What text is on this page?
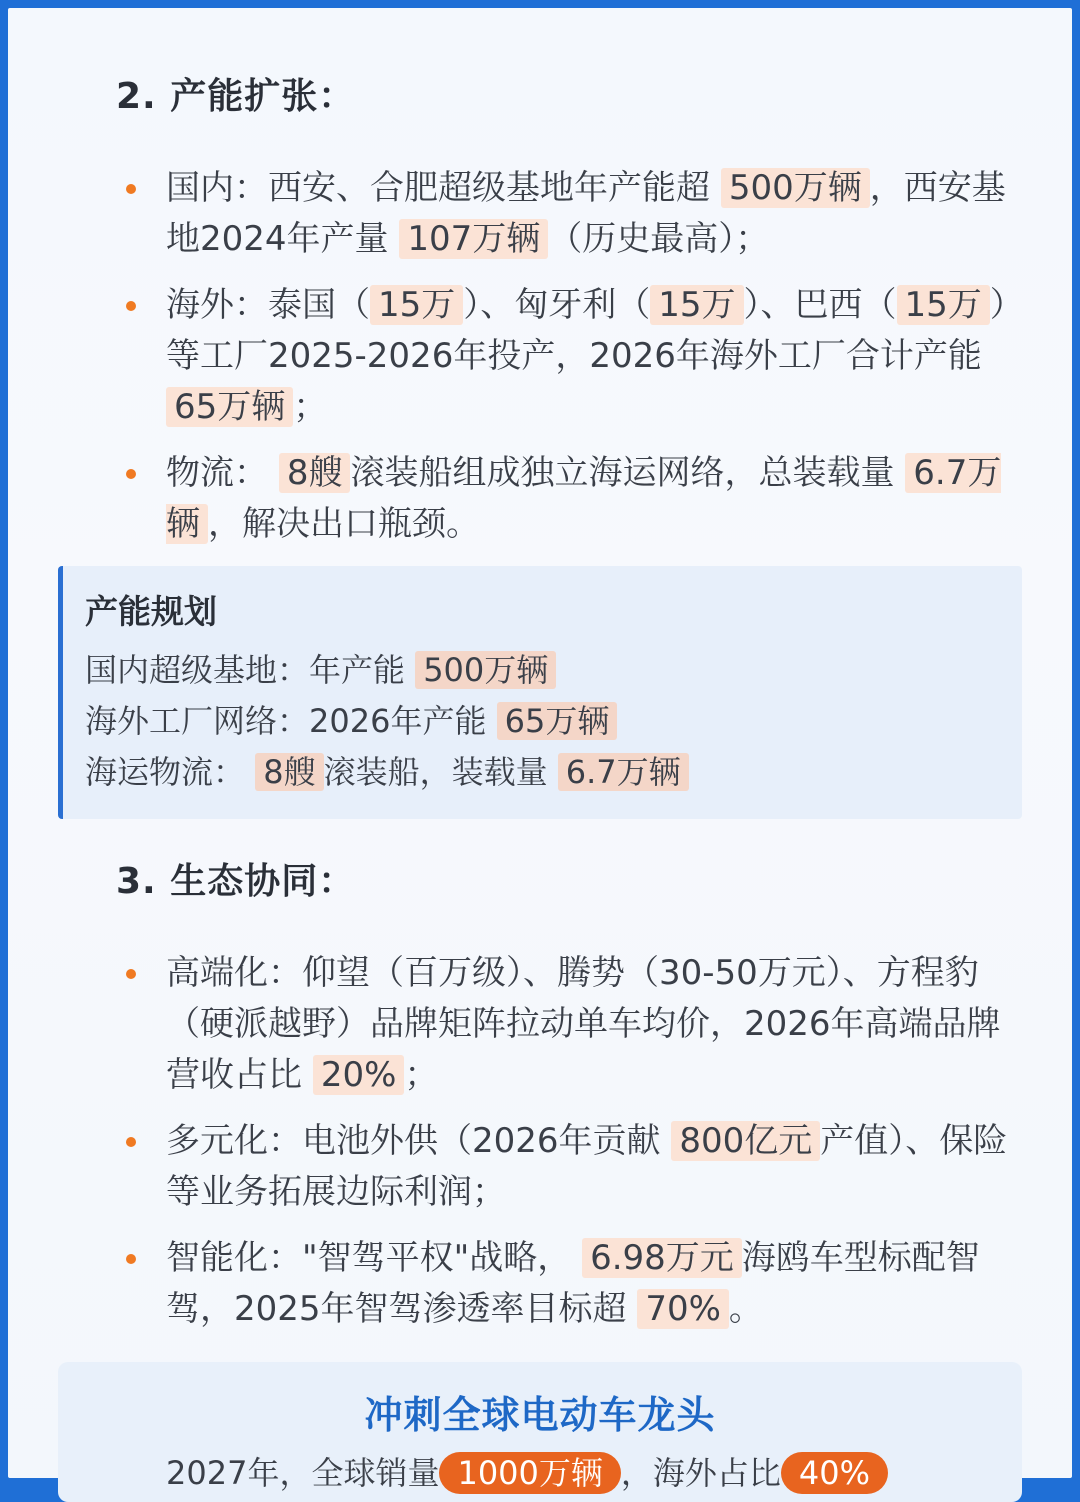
2. 产能扩张：
国内：西安、合肥超级基地年产能超 500万辆 ，西安基地2024年产量 107万辆 （历史最高）；
海外：泰国（ 15万 ）、匈牙利（ 15万 ）、巴西（ 15万 ）等工厂2025-2026年投产，2026年海外工厂合计产能 65万辆 ；
物流： 8艘 滚装船组成独立海运网络，总装载量 6.7万辆 ，解决出口瓶颈。
产能规划
国内超级基地：年产能 500万辆
海外工厂网络：2026年产能 65万辆
海运物流： 8艘 滚装船，装载量 6.7万辆
3. 生态协同：
高端化：仰望（百万级）、腾势（30-50万元）、方程豹（硬派越野）品牌矩阵拉动单车均价，2026年高端品牌营收占比 20% ；
多元化：电池外供（2026年贡献 800亿元 产值）、保险等业务拓展边际利润；
智能化："智驾平权"战略， 6.98万元 海鸥车型标配智驾，2025年智驾渗透率目标超 70% 。
冲刺全球电动车龙头
2027年，全球销量 1000万辆 ，海外占比 40%
